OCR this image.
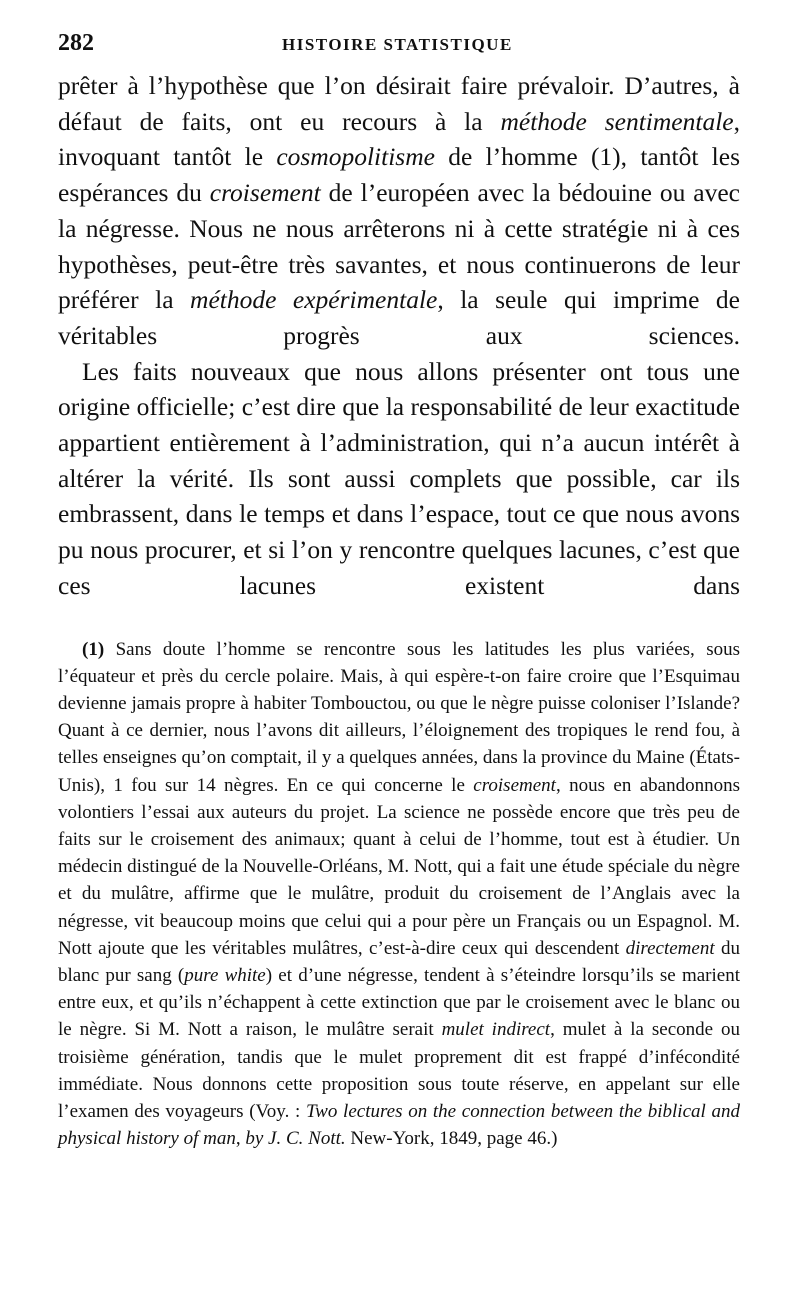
282	HISTOIRE STATISTIQUE

prêter à l’hypothèse que l’on désirait faire prévaloir. D’autres, à défaut de faits, ont eu recours à la méthode sentimentale, invoquant tantôt le cosmopolitisme de l’homme (1), tantôt les espérances du croisement de l’européen avec la bédouine ou avec la négresse. Nous ne nous arrêterons ni à cette stratégie ni à ces hypothèses, peut-être très savantes, et nous continuerons de leur préférer la méthode expérimentale, la seule qui imprime de véritables progrès aux sciences.

Les faits nouveaux que nous allons présenter ont tous une origine officielle; c’est dire que la responsabilité de leur exactitude appartient entièrement à l’administration, qui n’a aucun intérêt à altérer la vérité. Ils sont aussi complets que possible, car ils embrassent, dans le temps et dans l’espace, tout ce que nous avons pu nous procurer, et si l’on y rencontre quelques lacunes, c’est que ces lacunes existent dans

(1) Sans doute l’homme se rencontre sous les latitudes les plus variées, sous l’équateur et près du cercle polaire. Mais, à qui espère-t-on faire croire que l’Esquimau devienne jamais propre à habiter Tombouctou, ou que le nègre puisse coloniser l’Islande? Quant à ce dernier, nous l’avons dit ailleurs, l’éloignement des tropiques le rend fou, à telles enseignes qu’on comptait, il y a quelques années, dans la province du Maine (États-Unis), 1 fou sur 14 nègres. En ce qui concerne le croisement, nous en abandonnons volontiers l’essai aux auteurs du projet. La science ne possède encore que très peu de faits sur le croisement des animaux; quant à celui de l’homme, tout est à étudier. Un médecin distingué de la Nouvelle-Orléans, M. Nott, qui a fait une étude spéciale du nègre et du mulâtre, affirme que le mulâtre, produit du croisement de l’Anglais avec la négresse, vit beaucoup moins que celui qui a pour père un Français ou un Espagnol. M. Nott ajoute que les véritables mulâtres, c’est-à-dire ceux qui descendent directement du blanc pur sang (pure white) et d’une négresse, tendent à s’éteindre lorsqu’ils se marient entre eux, et qu’ils n’échappent à cette extinction que par le croisement avec le blanc ou le nègre. Si M. Nott a raison, le mulâtre serait mulet indirect, mulet à la seconde ou troisième génération, tandis que le mulet proprement dit est frappé d’infécondité immédiate. Nous donnons cette proposition sous toute réserve, en appelant sur elle l’examen des voyageurs (Voy. : Two lectures on the connection between the biblical and physical history of man, by J. C. Nott. New-York, 1849, page 46.)
